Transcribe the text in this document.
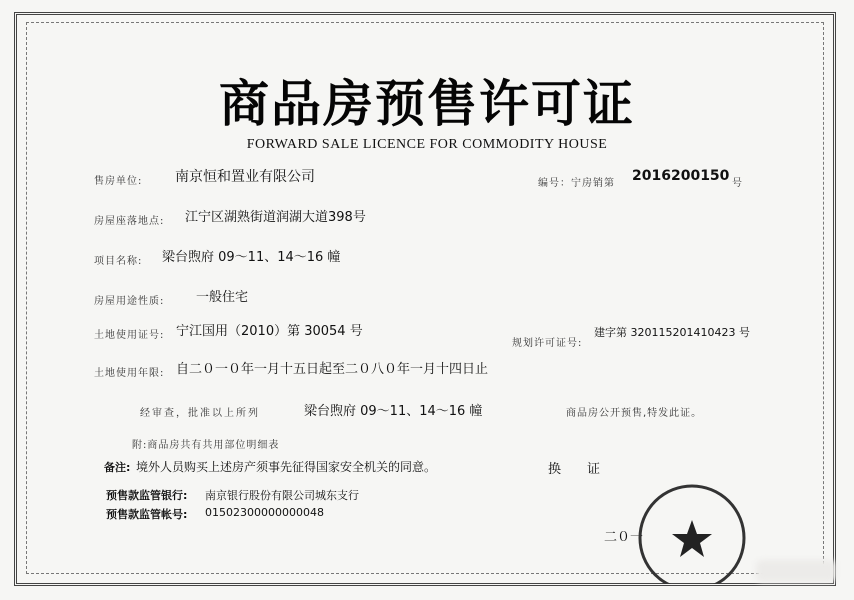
商品房预售许可证
FORWARD SALE LICENCE FOR COMMODITY HOUSE
售房单位: 南京恒和置业有限公司	编号：宁房销第 2016200150 号
房屋座落地点: 江宁区湖熟街道润湖大道398号
项目名称: 梁台煦府 09～11、14～16 幢
房屋用途性质: 一般住宅
土地使用证号: 宁江国用（2010）第 30054 号
规划许可证号:
建字第 320115201410423 号
土地使用年限: 自二０一０年一月十五日起至二０八０年一月十四日止
经审查，批准以上所列	梁台煦府 09～11、14～16 幢	商品房公开预售,特发此证。
附:商品房共有共用部位明细表
备注: 境外人员购买上述房产须事先征得国家安全机关的同意。	换　　证
预售款监管银行: 南京银行股份有限公司城东支行
预售款监管帐号: 01502300000000048
二０一
